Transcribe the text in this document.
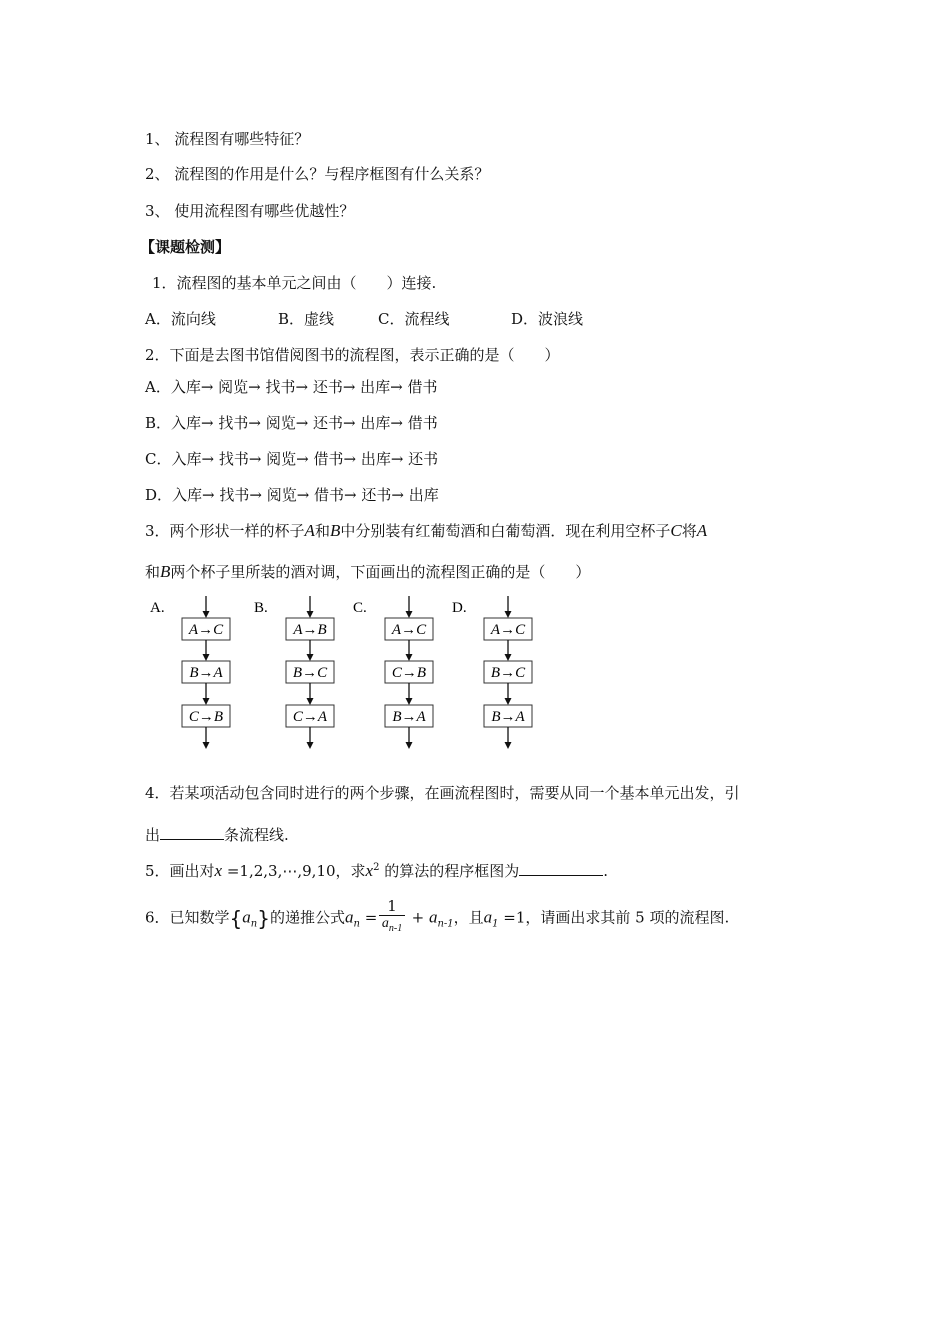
1、 流程图有哪些特征？
2、 流程图的作用是什么？与程序框图有什么关系？
3、 使用流程图有哪些优越性？
【课题检测】
1．流程图的基本单元之间由（　　）连接.
A．流向线	B．虚线	C．流程线	D．波浪线
2．下面是去图书馆借阅图书的流程图，表示正确的是（　　）
A．入库→ 阅览→ 找书→ 还书→ 出库→ 借书
B．入库→ 找书→ 阅览→ 还书→ 出库→ 借书
C．入库→ 找书→ 阅览→ 借书→ 出库→ 还书
D．入库→ 找书→ 阅览→ 借书→ 还书→ 出库
3．两个形状一样的杯子A和B中分别装有红葡萄酒和白葡萄酒．现在利用空杯子C将A
和B两个杯子里所装的酒对调，下面画出的流程图正确的是（　　）
A.
A→C
B→A
C→B
B.
A→B
B→C
C→A
C.
A→C
C→B
B→A
D.
A→C
B→C
B→A
4．若某项活动包含同时进行的两个步骤，在画流程图时，需要从同一个基本单元出发，引
出	条流程线.
5．画出对x =1,2,3,⋯,9,10，求$x^2$ 的算法的程序框图为	.
6．已知数学$\{a_n\}$的递推公式$a_n = \frac{1}{a_{n-1}} + a_{n-1}$，且$a_1 =1$，请画出求其前 5 项的流程图.
